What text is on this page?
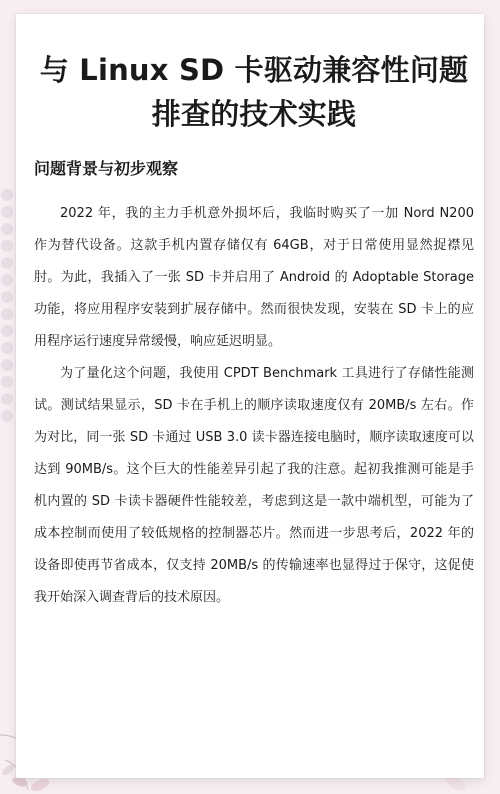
与 Linux SD 卡驱动兼容性问题排查的技术实践
问题背景与初步观察

2022 年，我的主力手机意外损坏后，我临时购买了一加 Nord N200 作为替代设备。这款手机内置存储仅有 64GB，对于日常使用显然捉襟见肘。为此，我插入了一张 SD 卡并启用了 Android 的 Adoptable Storage 功能，将应用程序安装到扩展存储中。然而很快发现，安装在 SD 卡上的应用程序运行速度异常缓慢，响应延迟明显。

为了量化这个问题，我使用 CPDT Benchmark 工具进行了存储性能测试。测试结果显示，SD 卡在手机上的顺序读取速度仅有 20MB/s 左右。作为对比，同一张 SD 卡通过 USB 3.0 读卡器连接电脑时，顺序读取速度可以达到 90MB/s。这个巨大的性能差异引起了我的注意。起初我推测可能是手机内置的 SD 卡读卡器硬件性能较差，考虑到这是一款中端机型，可能为了成本控制而使用了较低规格的控制器芯片。然而进一步思考后，2022 年的设备即使再节省成本，仅支持 20MB/s 的传输速率也显得过于保守，这促使我开始深入调查背后的技术原因。
